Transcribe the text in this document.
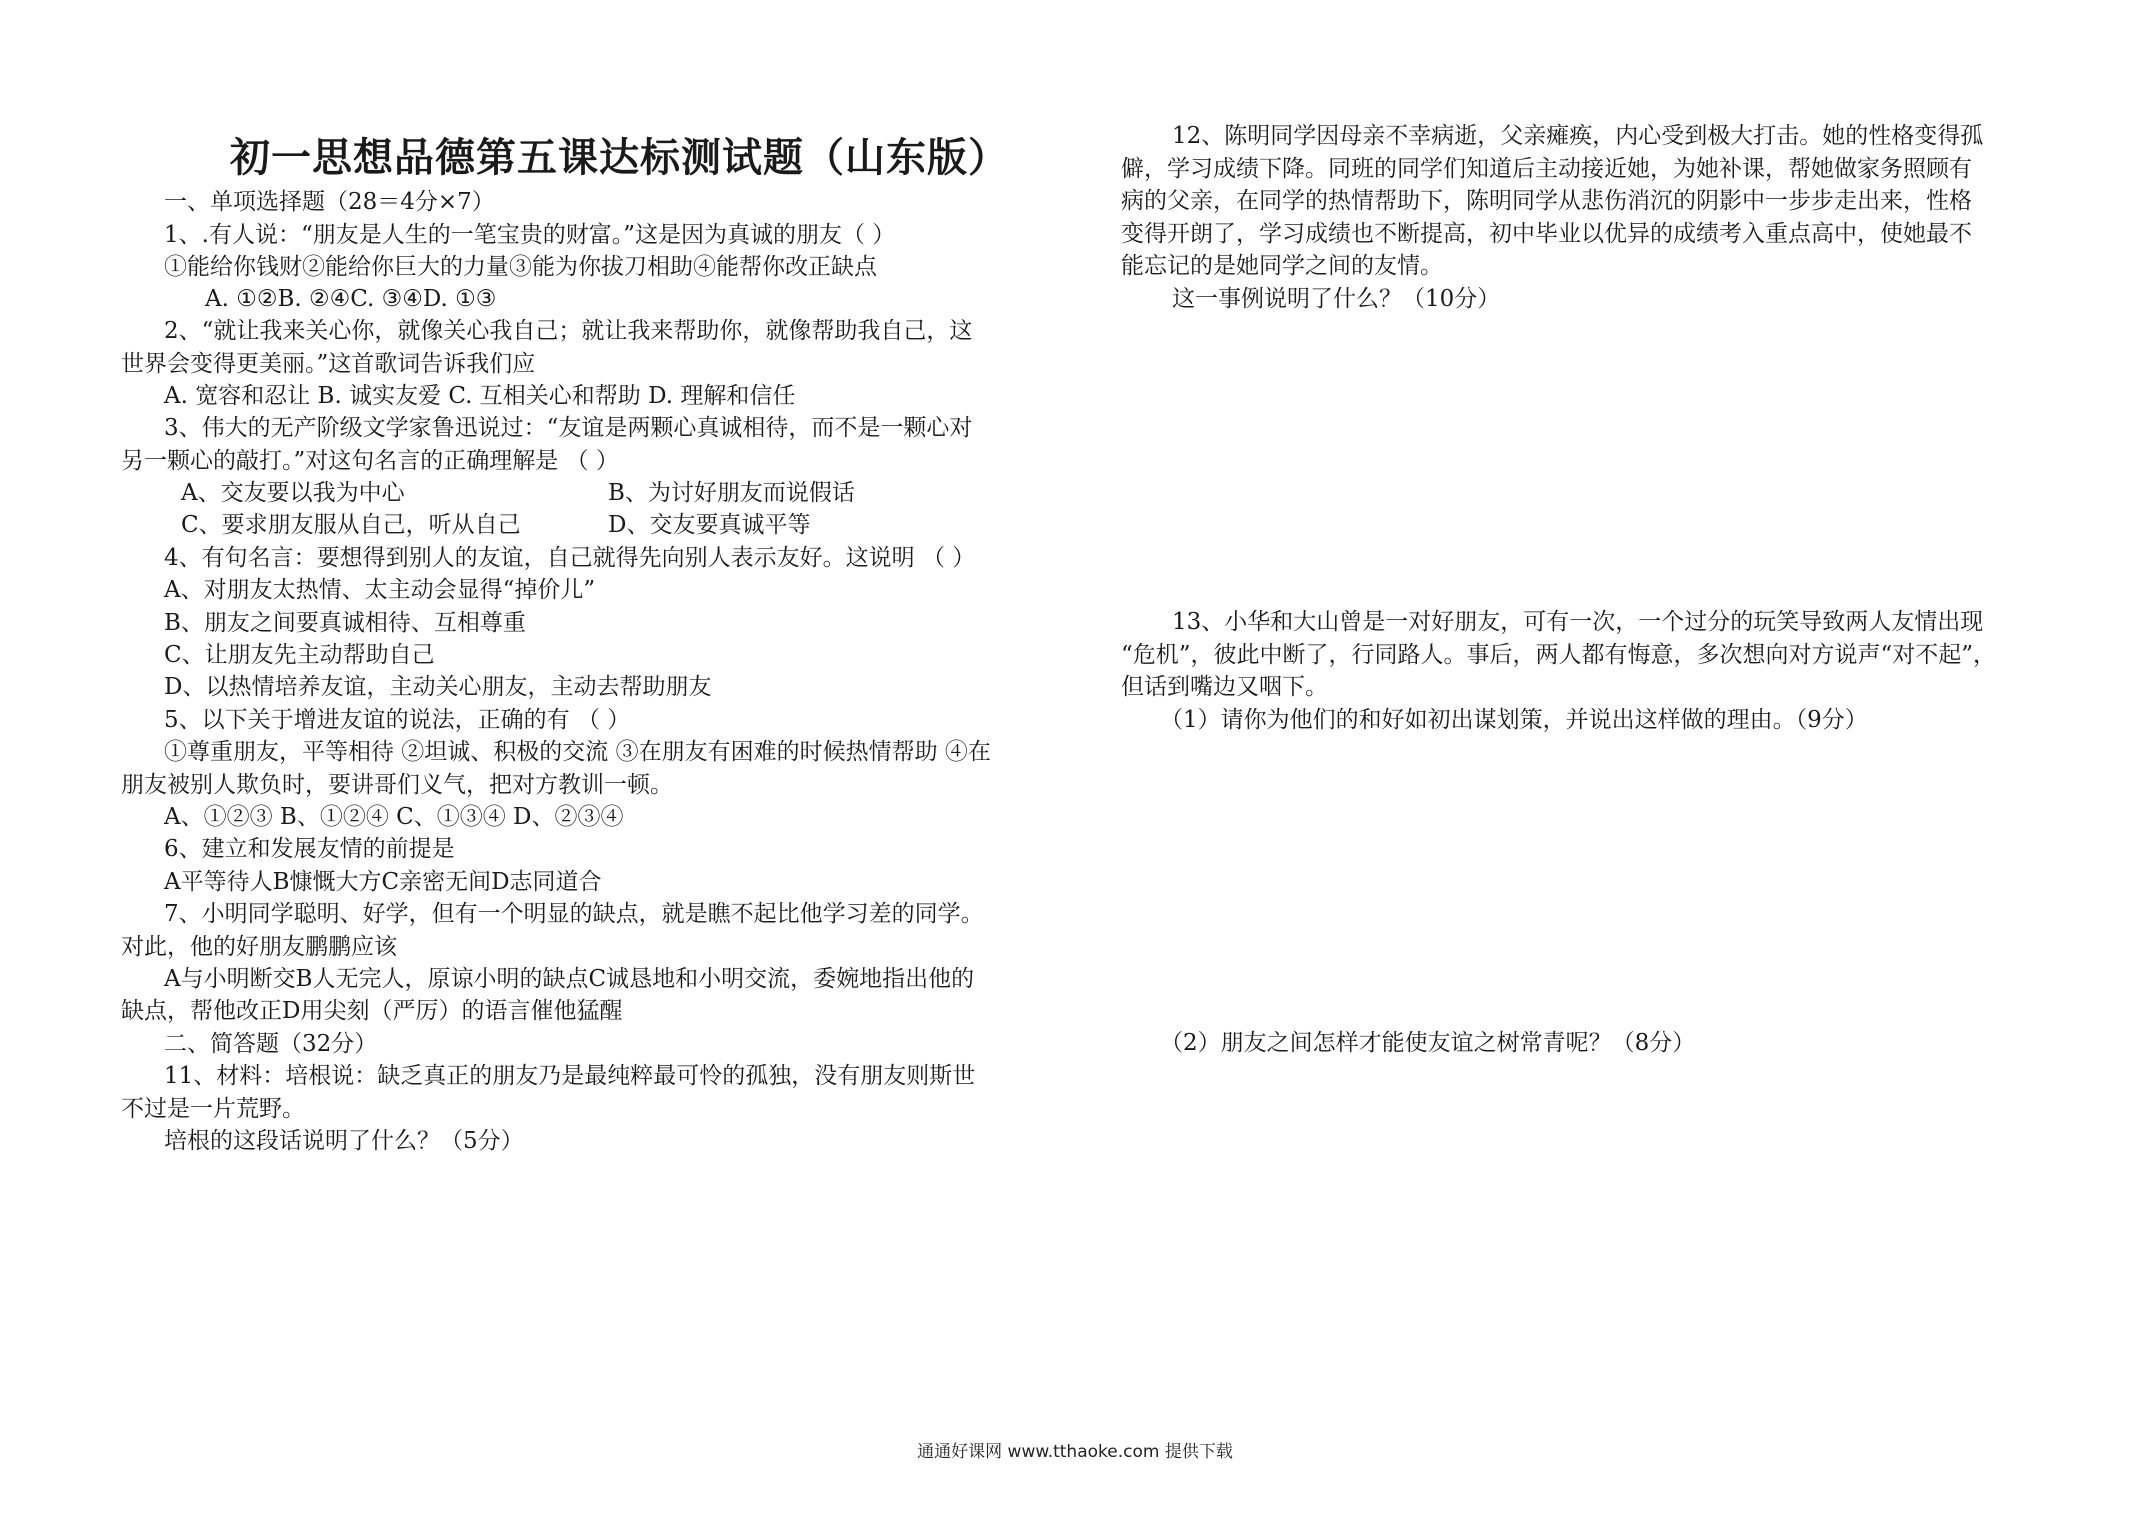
初一思想品德第五课达标测试题（山东版）
一、单项选择题（28＝4分×7）
1、.有人说：“朋友是人生的一笔宝贵的财富。”这是因为真诚的朋友（ ）
①能给你钱财②能给你巨大的力量③能为你拔刀相助④能帮你改正缺点
A. ①②B. ②④C. ③④D. ①③
2、“就让我来关心你，就像关心我自己；就让我来帮助你，就像帮助我自己，这
世界会变得更美丽。”这首歌词告诉我们应
A. 宽容和忍让 B. 诚实友爱 C. 互相关心和帮助 D. 理解和信任
3、伟大的无产阶级文学家鲁迅说过：“友谊是两颗心真诚相待，而不是一颗心对
另一颗心的敲打。”对这句名言的正确理解是 （ ）
A、交友要以我为中心	B、为讨好朋友而说假话
C、要求朋友服从自己，听从自己	D、交友要真诚平等
4、有句名言：要想得到别人的友谊，自己就得先向别人表示友好。这说明 （ ）
A、对朋友太热情、太主动会显得“掉价儿”
B、朋友之间要真诚相待、互相尊重
C、让朋友先主动帮助自己
D、以热情培养友谊，主动关心朋友，主动去帮助朋友
5、以下关于增进友谊的说法，正确的有 （ ）
①尊重朋友，平等相待 ②坦诚、积极的交流 ③在朋友有困难的时候热情帮助 ④在
朋友被别人欺负时，要讲哥们义气，把对方教训一顿。
A、①②③ B、①②④ C、①③④ D、②③④
6、建立和发展友情的前提是
A平等待人B慷慨大方C亲密无间D志同道合
7、小明同学聪明、好学，但有一个明显的缺点，就是瞧不起比他学习差的同学。
对此，他的好朋友鹏鹏应该
A与小明断交B人无完人，原谅小明的缺点C诚恳地和小明交流，委婉地指出他的
缺点，帮他改正D用尖刻（严厉）的语言催他猛醒
二、简答题（32分）
11、材料：培根说：缺乏真正的朋友乃是最纯粹最可怜的孤独，没有朋友则斯世
不过是一片荒野。
培根的这段话说明了什么？（5分）
12、陈明同学因母亲不幸病逝，父亲瘫痪，内心受到极大打击。她的性格变得孤
僻，学习成绩下降。同班的同学们知道后主动接近她，为她补课，帮她做家务照顾有
病的父亲，在同学的热情帮助下，陈明同学从悲伤消沉的阴影中一步步走出来，性格
变得开朗了，学习成绩也不断提高，初中毕业以优异的成绩考入重点高中，使她最不
能忘记的是她同学之间的友情。
这一事例说明了什么？（10分）
13、小华和大山曾是一对好朋友，可有一次，一个过分的玩笑导致两人友情出现
“危机”，彼此中断了，行同路人。事后，两人都有悔意，多次想向对方说声“对不起”，
但话到嘴边又咽下。
（1）请你为他们的和好如初出谋划策，并说出这样做的理由。（9分）
（2）朋友之间怎样才能使友谊之树常青呢？（8分）
通通好课网 www.tthaoke.com 提供下载
